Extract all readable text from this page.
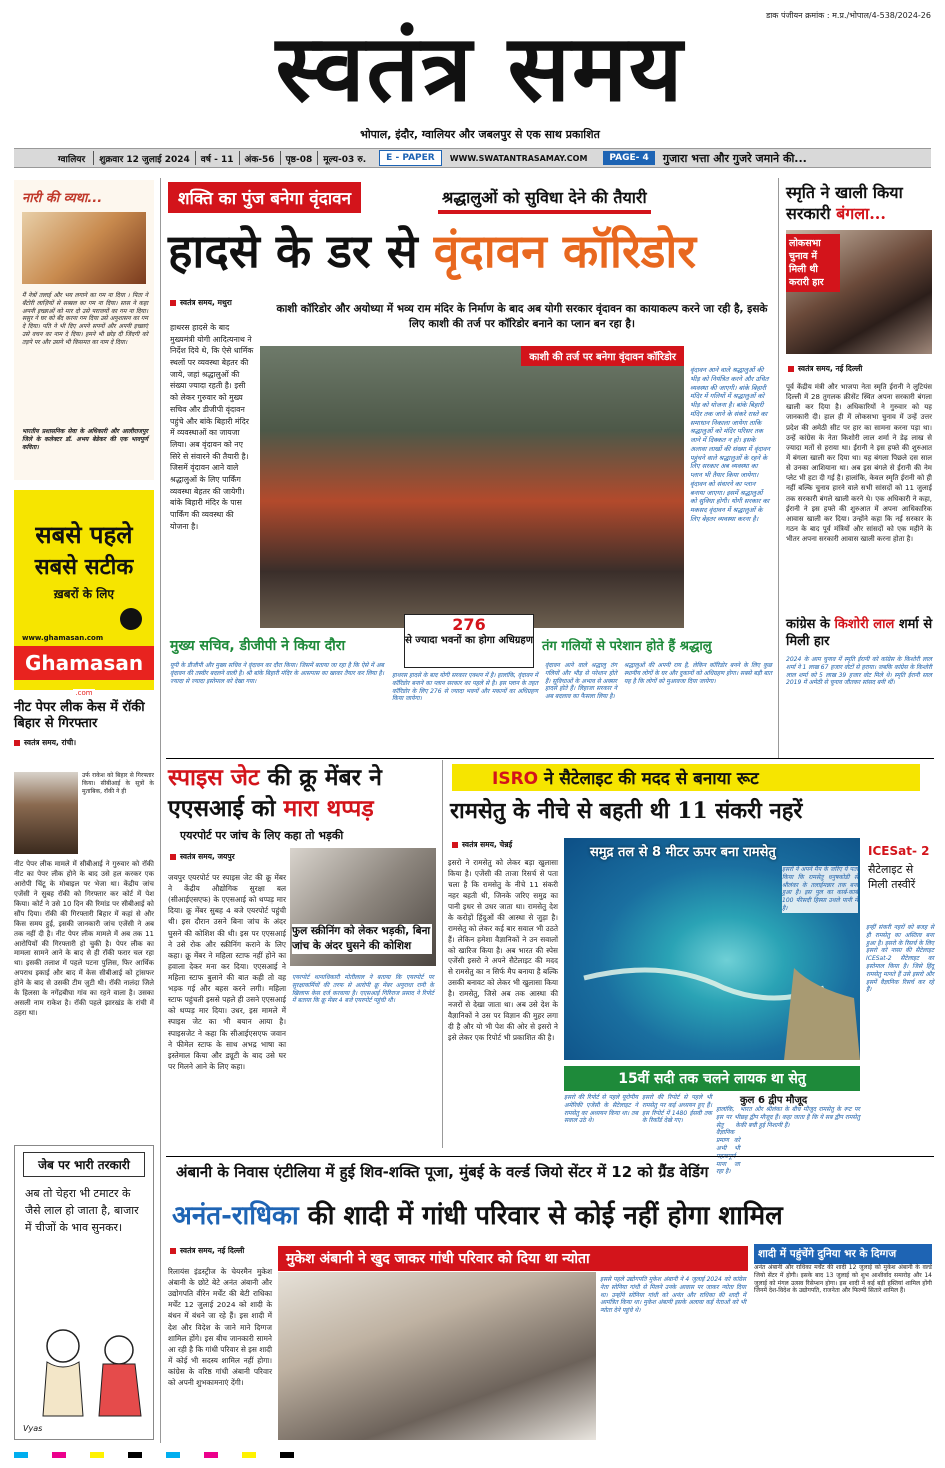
डाक पंजीयन क्रमांक : म.प्र./भोपाल/4-538/2024-26
स्वतंत्र समय
भोपाल, इंदौर, ग्वालियर और जबलपुर से एक साथ प्रकाशित
ग्वालियर	शुक्रवार 12 जुलाई 2024	वर्ष - 11	अंक-56	पृष्ठ-08	मूल्य-03 रु.	E - PAPER	WWW.SWATANTRASAMAY.COM	PAGE- 4	गुजारा भत्ता और गुजरे जमाने की...
नारी की व्यथा...
मैं नेत्रों तलाई और भय लगाने का गम ना दिया । पिता ने बँटोरी लाज़ियों से सब्बल का गम ना दिया। सास ने कहा अपनी इच्छाओं को मार दो उसे पराजयों का गम ना दिया। ससुर ने घर को बँद करना गम दिया उसे अनुशासन का गम दे दिया। पति ने भी दिए अपने सपनों और अपनी इच्छाएं उसे वचन का नाम दे दिया। हमने भी छोड़ दी जिंदगी को तड़पे पर और उसने भी किसमत का नाम दे दिया।
भारतीय प्रशासनिक सेवा के अधिकारी और आलीराजपुर जिले के कलेक्टर डॉ. अभय बेडेकर की एक भावपूर्ण कविता।
सबसे पहले
सबसे सटीक
ख़बरों के लिए
www.ghamasan.com
Ghamasan .com
नीट पेपर लीक केस में रॉकी बिहार से गिरफ्तार
स्वतंत्र समय, रांची।
उर्फ राकेश को बिहार से गिरफ्तार किया। सीबीआई के सूत्रों के मुताबिक, रॉकी ने ही
नीट पेपर लीक मामले में सीबीआई ने गुरुवार को रॉकी नीट का पेपर लीक होने के बाद उसे हल करकर एक आरोपी चिंटू के मोबाइल पर भेजा था। केंद्रीय जांच एजेंसी ने सुबह रॉकी को गिरफ्तार कर कोर्ट में पेश किया। कोर्ट ने उसे 10 दिन की रिमांड पर सीबीआई को सौंप दिया। रॉकी की गिरफ्तारी बिहार में कहां से और किस समय हुई, इसकी जानकारी जांच एजेंसी ने अब तक नहीं दी है। नीट पेपर लीक मामले में अब तक 11 आरोपियों की गिरफ्तारी हो चुकी है। पेपर लीक का मामला सामने आने के बाद से ही रॉकी फरार चल रहा था। इसकी तलाश में पहले पटना पुलिस, फिर आर्थिक अपराध इकाई और बाद में केस सीबीआई को ट्रांसफर होने के बाद से उसकी टीम जुटी थी। रॉकी नालंदा जिले के हिलसा के नगेंद्रबीघा गांव का रहने वाला है। उसका असली नाम राकेश है। रॉकी पहले झारखंड के रांची में ठहरा था।
जेब पर भारी तरकारी
अब तो चेहरा भी टमाटर के जैसे लाल हो जाता है, बाजार में चीजों के भाव सुनकर।
Vyas
शक्ति का पुंज बनेगा वृंदावन	श्रद्धालुओं को सुविधा देने की तैयारी
हादसे के डर से वृंदावन कॉरिडोर
स्वतंत्र समय, मथुरा
काशी कॉरिडोर और अयोध्या में भव्य राम मंदिर के निर्माण के बाद अब योगी सरकार वृंदावन का कायाकल्प करने जा रही है, इसके लिए काशी की तर्ज पर कॉरिडोर बनाने का प्लान बन रहा है।
हाथरस हादसे के बाद मुख्यमंत्री योगी आदित्यनाथ ने निर्देश दिये थे, कि ऐसे धार्मिक स्थलों पर व्यवस्था बेहतर की जाये, जहां श्रद्धालुओं की संख्या ज्यादा रहती है। इसी को लेकर गुरुवार को मुख्य सचिव और डीजीपी वृंदावन पहुंचे और बांके बिहारी मंदिर में व्यवस्थाओं का जायजा लिया। अब वृंदावन को नए सिरे से संवारने की तैयारी है। जिसमें वृंदावन आने वाले श्रद्धालुओं के लिए पार्किंग व्यवस्था बेहतर की जायेगी। बांके बिहारी मंदिर के पास पार्किंग की व्यवस्था की योजना है।
काशी की तर्ज पर बनेगा वृंदावन कॉरिडोर
वृंदावन आने वाले श्रद्धालुओं की भीड़ को नियंत्रित करने और उचित व्यवस्था की जाएगी। बांके बिहारी मंदिर में गलियों में श्रद्धालुओं को भीड़ को योजना है। बांके बिहारी मंदिर तक जाने के संकरे रास्ते का समाधान निकाला जायेगा ताकि श्रद्धालुओं को मंदिर परिसर तक जाने में दिक्कत न हो। इसके अलावा लाखों की संख्या में वृंदावन पहुंचने वाले श्रद्धालुओं के रहने के लिए सरकार अब व्यवस्था का प्लान भी तैयार किया जायेगा। वृंदावन को संवारने का प्लान बनाया जाएगा। इसमें श्रद्धालुओं को सुविधा होगी। योगी सरकार का मकसद वृंदावन में श्रद्धालुओं के लिए बेहतर व्यवस्था करना है।
मुख्य सचिव, डीजीपी ने किया दौरा
यूपी के डीजीपी और मुख्य सचिव ने वृंदावन का दौरा किया। जिसमें बताया जा रहा है कि ऐसे में अब वृंदावन की तस्वीर बदलने वाली है। श्री बांके बिहारी मंदिर के आसपास का खाका तैयार कर लिया है। ज्यादा से ज्यादा इस्तेमाल को देखा गया।
276
से ज्यादा भवनों का होगा अधिग्रहण
हाथरस हादसे के बाद योगी सरकार एक्शन में है। हालांकि, वृंदावन में कॉरिडोर बनाने का प्लान सरकार का पहले से है। इस प्लान के तहत कॉरिडोर के लिए 276 से ज्यादा भवनों और मकानों का अधिग्रहण किया जायेगा।
तंग गलियों से परेशान होते हैं श्रद्धालु
वृंदावन आने वाले श्रद्धालु तंग गलियों और भीड़ से परेशान होते हैं। सुविधाओं के अभाव से अक्सर हादसे होते हैं। लिहाजा सरकार ने अब बदलाव का फैसला लिया है।
श्रद्धालुओं की अपनी राय है, लेकिन कॉरिडोर बनने के लिए कुछ स्थानीय लोगों के घर और दुकानों को अधिग्रहण होगा। सबसे बड़ी बात यह है कि लोगों को मुआवजा दिया जायेगा।
स्मृति ने खाली किया सरकारी बंगला...
लोकसभा चुनाव में मिली थी करारी हार
स्वतंत्र समय, नई दिल्ली
पूर्व केंद्रीय मंत्री और भाजपा नेता स्मृति ईरानी ने लुटियंस दिल्ली में 28 तुगलक क्रीसेंट स्थित अपना सरकारी बंगला खाली कर दिया है। अधिकारियों ने गुरुवार को यह जानकारी दी। हाल ही में लोकसभा चुनाव में उन्हें उत्तर प्रदेश की अमेठी सीट पर हार का सामना करना पड़ा था। उन्हें कांग्रेस के नेता किशोरी लाल शर्मा ने डेढ़ लाख से ज्यादा मतों से हराया था। ईरानी ने इस हफ्ते की शुरुआत में बंगला खाली कर दिया था। यह बंगला पिछले दस साल से उनका आशियाना था। अब इस बंगले से ईरानी की नेम प्लेट भी हटा दी गई है। हालांकि, केवल स्मृति ईरानी को ही नहीं बल्कि चुनाव हारने वाले सभी सांसदों को 11 जुलाई तक सरकारी बंगले खाली करने थे। एक अधिकारी ने कहा, ईरानी ने इस हफ्ते की शुरुआत में अपना आधिकारिक आवास खाली कर दिया। उन्होंने कहा कि नई सरकार के गठन के बाद पूर्व मंत्रियों और सांसदों को एक महीने के भीतर अपना सरकारी आवास खाली करना होता है।
कांग्रेस के किशोरी लाल शर्मा से मिली हार
2024 के आम चुनाव में स्मृति ईरानी को कांग्रेस के किशोरी लाल शर्मा ने 1 लाख 67 हजार वोटों से हराया। जबकि कांग्रेस के किशोरी लाल शर्मा को 5 लाख 39 हजार वोट मिले थे। स्मृति ईरानी साल 2019 में अमेठी से चुनाव जीतकर सांसद बनी थीं।
स्पाइस जेट की क्रू मेंबर ने
एएसआई को मारा थप्पड़
एयरपोर्ट पर जांच के लिए कहा तो भड़की
स्वतंत्र समय, जयपुर
जयपुर एयरपोर्ट पर स्पाइस जेट की क्रू मेंबर ने केंद्रीय औद्योगिक सुरक्षा बल (सीआईएसएफ) के एएसआई को थप्पड़ मार दिया। क्रू मेंबर सुबह 4 बजे एयरपोर्ट पहुंची थी। इस दौरान उसने बिना जांच के अंदर घुसने की कोशिश की थी। इस पर एएसआई ने उसे रोक और स्क्रीनिंग कराने के लिए कहा। क्रू मेंबर ने महिला स्टाफ नहीं होने का हवाला देकर मना कर दिया। एएसआई ने महिला स्टाफ बुलाने की बात कही तो वह भड़क गई और बहस करने लगी। महिला स्टाफ पहुंचती इससे पहले ही उसने एएसआई को थप्पड़ मार दिया। उधर, इस मामले में स्पाइस जेट का भी बयान आया है। स्पाइसजेट ने कहा कि सीआईएसएफ जवान ने फीमेल स्टाफ के साथ अभद्र भाषा का इस्तेमाल किया और ड्यूटी के बाद उसे घर पर मिलने आने के लिए कहा।
फुल स्क्रीनिंग को लेकर भड़की, बिना जांच के अंदर घुसने की कोशिश
एयरपोर्ट थानाधिकारी मोतीलाल ने बताया कि एयरपोर्ट पर सुरक्षाकर्मियों की तरफ से आरोपी क्रू मेंबर अनुराधा रानी के खिलाफ केस दर्ज करवाया है। एएसआई गिरिराज प्रसाद ने रिपोर्ट में बताया कि क्रू मेंबर 4 बजे एयरपोर्ट पहुंची थी।
ISRO ने सैटेलाइट की मदद से बनाया रूट
रामसेतु के नीचे से बहती थी 11 संकरी नहरें
स्वतंत्र समय, चेन्नई
इसरो ने रामसेतु को लेकर बड़ा खुलासा किया है। एजेंसी की ताजा रिसर्च से पता चला है कि रामसेतु के नीचे 11 संकरी नहर बहती थी, जिनके जरिए समुद्र का पानी इधर से उधर जाता था। रामसेतु देश के करोड़ों हिंदुओं की आस्था से जुड़ा है। रामसेतु को लेकर कई बार सवाल भी उठते हैं। लेकिन हमेशा वैज्ञानिकों ने उन सवालों को खारिज किया है। अब भारत की स्पेस एजेंसी इसरो ने अपने सैटेलाइट की मदद से रामसेतु का न सिर्फ मैप बनाया है बल्कि उसकी बनावट को लेकर भी खुलासा किया है। रामसेतु, जिसे अब तक आस्था की नजरों से देखा जाता था। अब उसे देश के वैज्ञानिकों ने उस पर विज्ञान की मुहर लगा दी है और यो भी पेश की ओर से इसरो ने इसे लेकर एक रिपोर्ट भी प्रकाशित की है।
समुद्र तल से 8 मीटर ऊपर बना रामसेतु
इसरो ने अपने मैप के जरिए ये पता किया कि रामसेतु धनुषकोडी से श्रीलंका के तलाईमन्नार तक बना हुआ है। इस पुल का कार्ब-कार्ब 100 फीसदी हिस्सा उथले पानी में है।
ICESat- 2
सैटेलाइट से मिली तस्वीरें
इन्हीं संकरी नहरों को बजह से ही रामसेतु का अस्तित्व बना हुआ है। इसरो के रिसर्च के लिए इसरो को नासा की सैटेलाइट ICESat-2 सैटेलाइट का इस्तेमाल किया है। जिसे हिंदू रामसेतु मानते हैं उसे इसरो और इसमें वैज्ञानिक रिसर्च कर रहे हैं।
15वीं सदी तक चलने लायक था सेतु
इसरो की रिपोर्ट से पहले यूरोपीय अमेरिकी एजेंसी के सैटेलाइट ने रामसेतु का अध्ययन किया था। तब सवाल उठे थे।
इसरो की रिपोर्ट से पहले भी रामसेतु पर कई अध्ययन हुए हैं। इस रिपोर्ट में 1480 ईसवी तक के रिकॉर्ड देखे गए।
हालांकि, इस पर भी सेतु के वैज्ञानिक प्रमाण को अभी भी माना जा रहा है।
कुल 6 द्वीप मौजूद
भारत और श्रीलंका के बीच मौजूद रामसेतु के रूट पर छह द्वीप मौजूद हैं। कहा जाता है कि ये सब द्वीप रामसेतु की बची हुई निशानी हैं।
अंबानी के निवास एंटीलिया में हुई शिव-शक्ति पूजा, मुंबई के वर्ल्ड जियो सेंटर में 12 को ग्रैंड वेडिंग
अनंत-राधिका की शादी में गांधी परिवार से कोई नहीं होगा शामिल
स्वतंत्र समय, नई दिल्ली
रिलायंस इंडस्ट्रीज के चेयरमैन मुकेश अंबानी के छोटे बेटे अनंत अंबानी और उद्योगपति वीरेन मर्चेंट की बेटी राधिका मर्चेंट 12 जुलाई 2024 को शादी के बंधन में बंधने जा रहे हैं। इस शादी में देश और विदेश के जाने माने दिग्गज शामिल होंगे। इस बीच जानकारी सामने आ रही है कि गांधी परिवार से इस शादी में कोई भी सदस्य शामिल नहीं होगा। कांग्रेस के वरिष्ठ गांधी अंबानी परिवार को अपनी शुभकामनाएं देंगी।
मुकेश अंबानी ने खुद जाकर गांधी परिवार को दिया था न्योता
इससे पहले उद्योगपति मुकेश अंबानी ने 4 जुलाई 2024 को कांग्रेस नेता सोनिया गांधी से मिलने उनके आवास पर जाकर न्योता दिया था। उन्होंने सोनिया गांधी को अनंत और राधिका की शादी में आमंत्रित किया था। मुकेश अंबानी इसके अलावा कई नेताओं को भी न्योता देने पहुंचे थे।
शादी में पहुंचेंगे दुनिया भर के दिग्गज
अनंत अंबानी और राधिका मर्चेंट की शादी 12 जुलाई को मुकेश अंबानी के वर्ल्ड जियो सेंटर में होगी। इसके बाद 13 जुलाई को शुभ आशीर्वाद समारोह और 14 जुलाई को मंगल उत्सव रिसेप्शन होगा। इस शादी में कई बड़ी हस्तियां शामिल होंगी जिनमें देश-विदेश के उद्योगपति, राजनेता और फिल्मी सितारे शामिल हैं।
